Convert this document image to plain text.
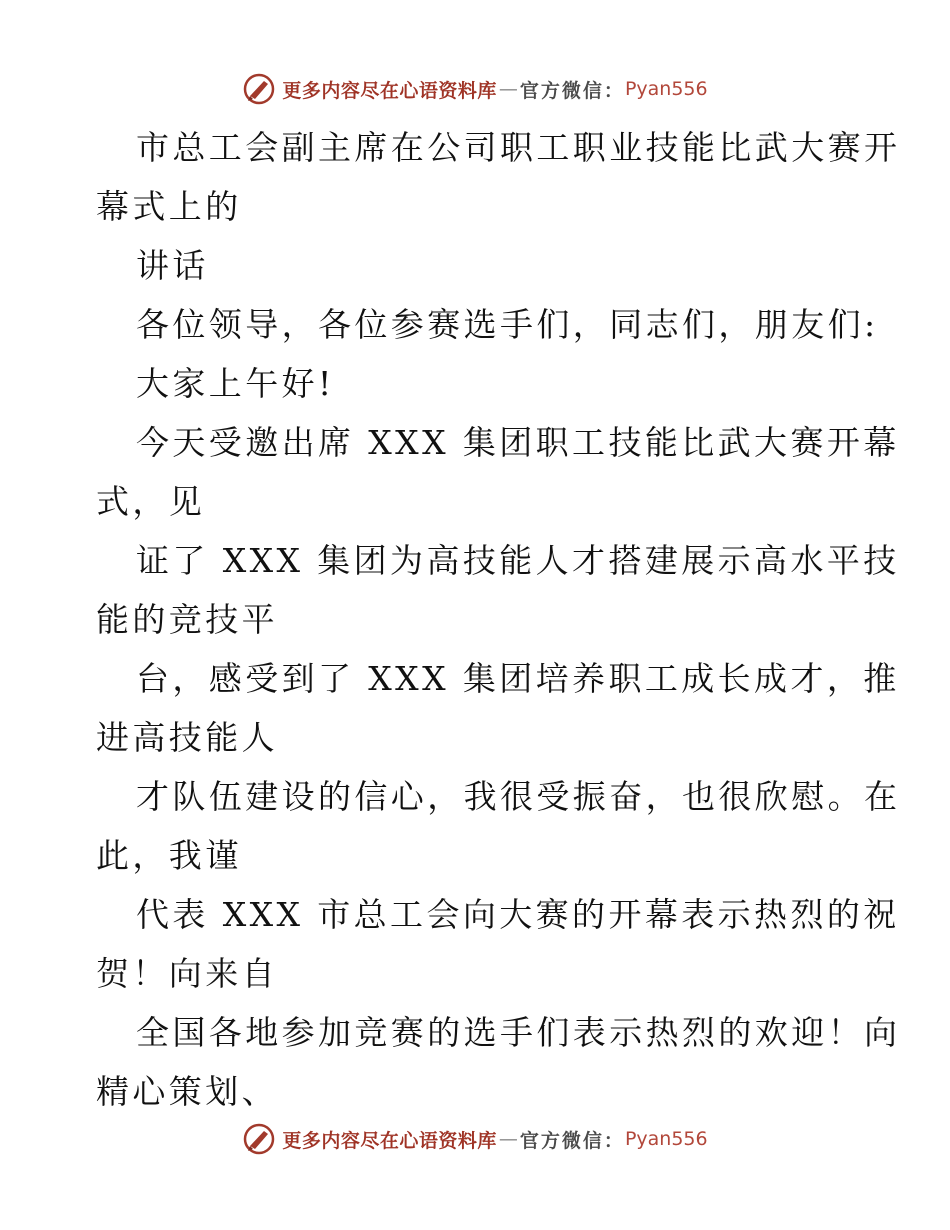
更多内容尽在心语资料库 — 官方微信： Pyan556

市总工会副主席在公司职工职业技能比武大赛开

幕式上的

讲话

各位领导，各位参赛选手们，同志们，朋友们:

大家上午好!

今天受邀出席 XXX 集团职工技能比武大赛开幕

式，见

证了 XXX 集团为高技能人才搭建展示高水平技

能的竞技平

台，感受到了 XXX 集团培养职工成长成才，推

进高技能人

才队伍建设的信心，我很受振奋，也很欣慰。在

此，我谨

代表 XXX 市总工会向大赛的开幕表示热烈的祝

贺！向来自

全国各地参加竞赛的选手们表示热烈的欢迎！向

精心策划、

更多内容尽在心语资料库 — 官方微信： Pyan556
